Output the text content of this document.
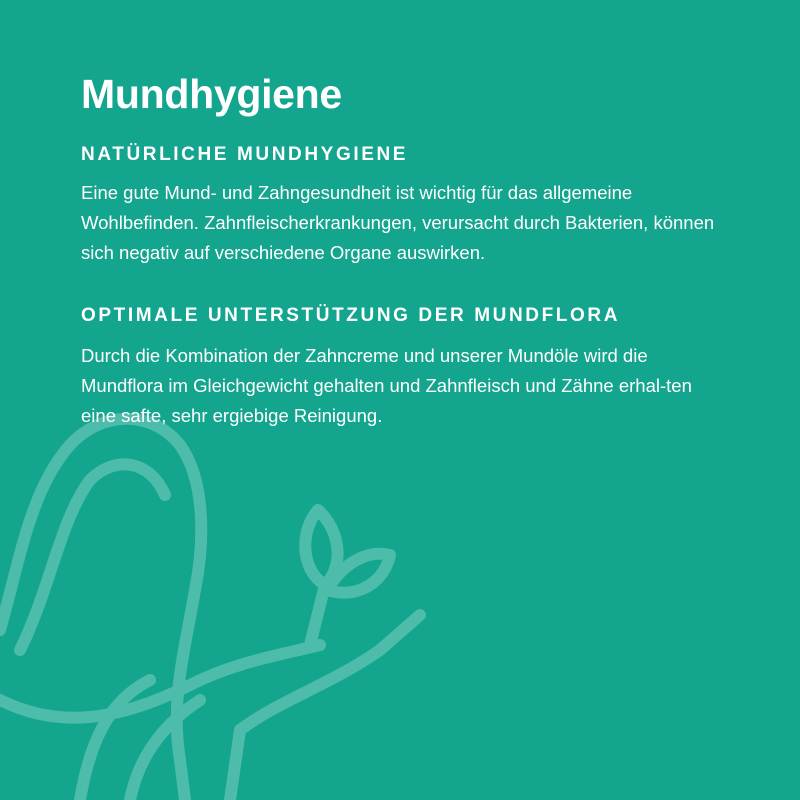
Mundhygiene
NATÜRLICHE MUNDHYGIENE

Eine gute Mund- und Zahngesundheit ist wichtig für das allgemeine Wohlbefinden. Zahnfleischerkrankungen, verursacht durch Bakterien, können sich negativ auf verschiedene Organe auswirken.

OPTIMALE UNTERSTÜTZUNG DER MUNDFLORA

Durch die Kombination der Zahncreme und unserer Mundöle wird die Mundflora im Gleichgewicht gehalten und Zahnfleisch und Zähne erhal-ten eine safte, sehr ergiebige Reinigung.
